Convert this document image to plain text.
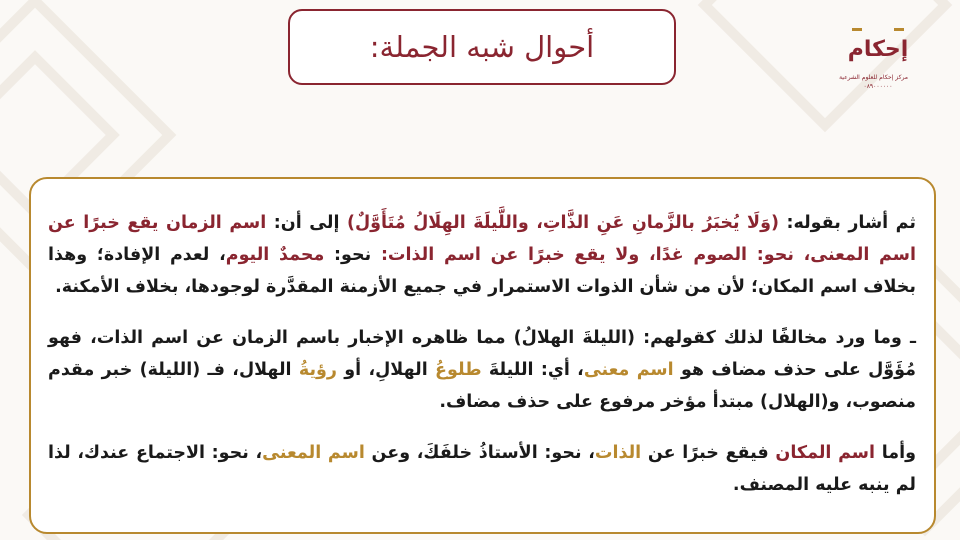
أحوال شبه الجملة:	إحكام
مركز إحكام للعلوم الشرعية
٠٨٩٠٠٠٠٠٠
ثم أشار بقوله: (وَلَا يُخبَرُ بالزَّمانِ عَنِ الذَّاتِ، واللَّيلَةَ الهِلَالُ مُتَأَوَّلٌ) إلى أن: اسم الزمان يقع خبرًا عن اسم المعنى، نحو: الصوم غدًا، ولا يقع خبرًا عن اسم الذات: نحو: محمدٌ اليوم، لعدم الإفادة؛ وهذا بخلاف اسم المكان؛ لأن من شأن الذوات الاستمرار في جميع الأزمنة المقدَّرة لوجودها، بخلاف الأمكنة.
ـ وما ورد مخالفًا لذلك كقولهم: (الليلةَ الهلالُ) مما ظاهره الإخبار باسم الزمان عن اسم الذات، فهو مُؤَوَّل على حذف مضاف هو اسم معنى، أي: الليلةَ طلوعُ الهلالِ، أو رؤيةُ الهلال، فـ (الليلة) خبر مقدم منصوب، و(الهلال) مبتدأ مؤخر مرفوع على حذف مضاف.
وأما اسم المكان فيقع خبرًا عن الذات، نحو: الأستاذُ خلفَكَ، وعن اسم المعنى، نحو: الاجتماع عندك، لذا لم ينبه عليه المصنف.
